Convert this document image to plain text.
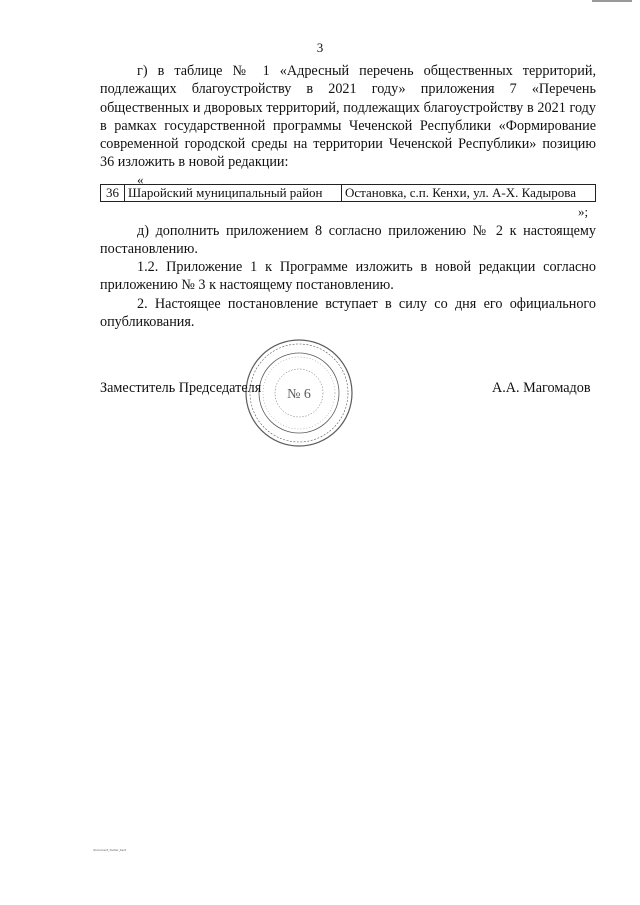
3

г) в таблице № 1 «Адресный перечень общественных территорий, подлежащих благоустройству в 2021 году» приложения 7 «Перечень общественных и дворовых территорий, подлежащих благоустройству в 2021 году в рамках государственной программы Чеченской Республики «Формирование современной городской среды на территории Чеченской Республики» позицию 36 изложить в новой редакции:

«
36	Шаройский муниципальный район	Остановка, с.п. Кенхи, ул. А-Х. Кадырова
»;

д) дополнить приложением 8 согласно приложению № 2 к настоящему постановлению.

1.2. Приложение 1 к Программе изложить в новой редакции согласно приложению № 3 к настоящему постановлению.

2. Настоящее постановление вступает в силу со дня его официального опубликования.

№ 6
Заместитель Председателя	А.А. Магомадов
document_footer_text
